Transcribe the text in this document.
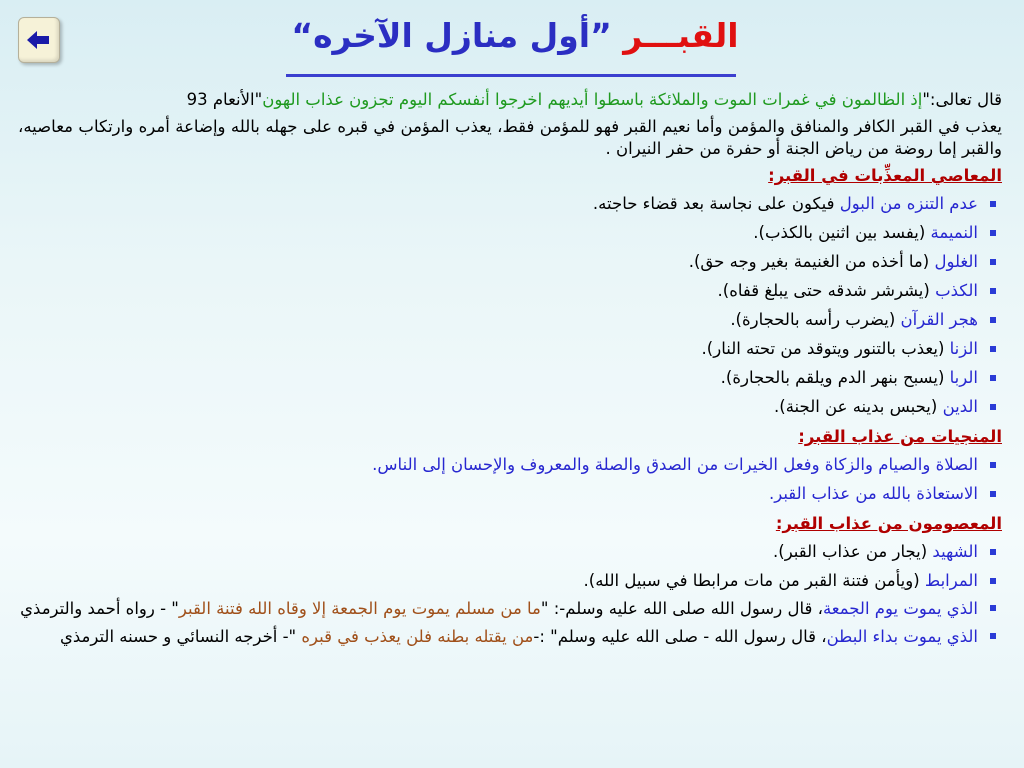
القبـــر ”أول منازل الآخره“

قال تعالى:"إذ الظالمون في غمرات الموت والملائكة باسطوا أيديهم اخرجوا أنفسكم اليوم تجزون عذاب الهون"الأنعام 93

يعذب في القبر الكافر والمنافق والمؤمن وأما نعيم القبر فهو للمؤمن فقط، يعذب المؤمن في قبره على جهله بالله وإضاعة أمره وارتكاب معاصيه، والقبر إما روضة من رياض الجنة أو حفرة من حفر النيران .

المعاصي المعذِّبات في القبر:

عدم التنزه من البول فيكون على نجاسة بعد قضاء حاجته.
النميمة (يفسد بين اثنين بالكذب).
الغلول (ما أخذه من الغنيمة بغير وجه حق).
الكذب (يشرشر شدقه حتى يبلغ قفاه).
هجر القرآن (يضرب رأسه بالحجارة).
الزنا (يعذب بالتنور ويتوقد من تحته النار).
الربا (يسبح بنهر الدم ويلقم بالحجارة).
الدين (يحبس بدينه عن الجنة).

المنجيات من عذاب القبر:

الصلاة والصيام والزكاة وفعل الخيرات من الصدق والصلة والمعروف والإحسان إلى الناس.
الاستعاذة بالله من عذاب القبر.

المعصومون من عذاب القبر:

الشهيد (يجار من عذاب القبر).
المرابط (ويأمن فتنة القبر من مات مرابطا في سبيل الله).
الذي يموت يوم الجمعة، قال رسول الله صلى الله عليه وسلم-: "ما من مسلم يموت يوم الجمعة إلا وقاه الله فتنة القبر" - رواه أحمد والترمذي
الذي يموت بداء البطن، قال رسول الله - صلى الله عليه وسلم" :-من يقتله بطنه فلن يعذب في قبره "- أخرجه النسائي و حسنه الترمذي
